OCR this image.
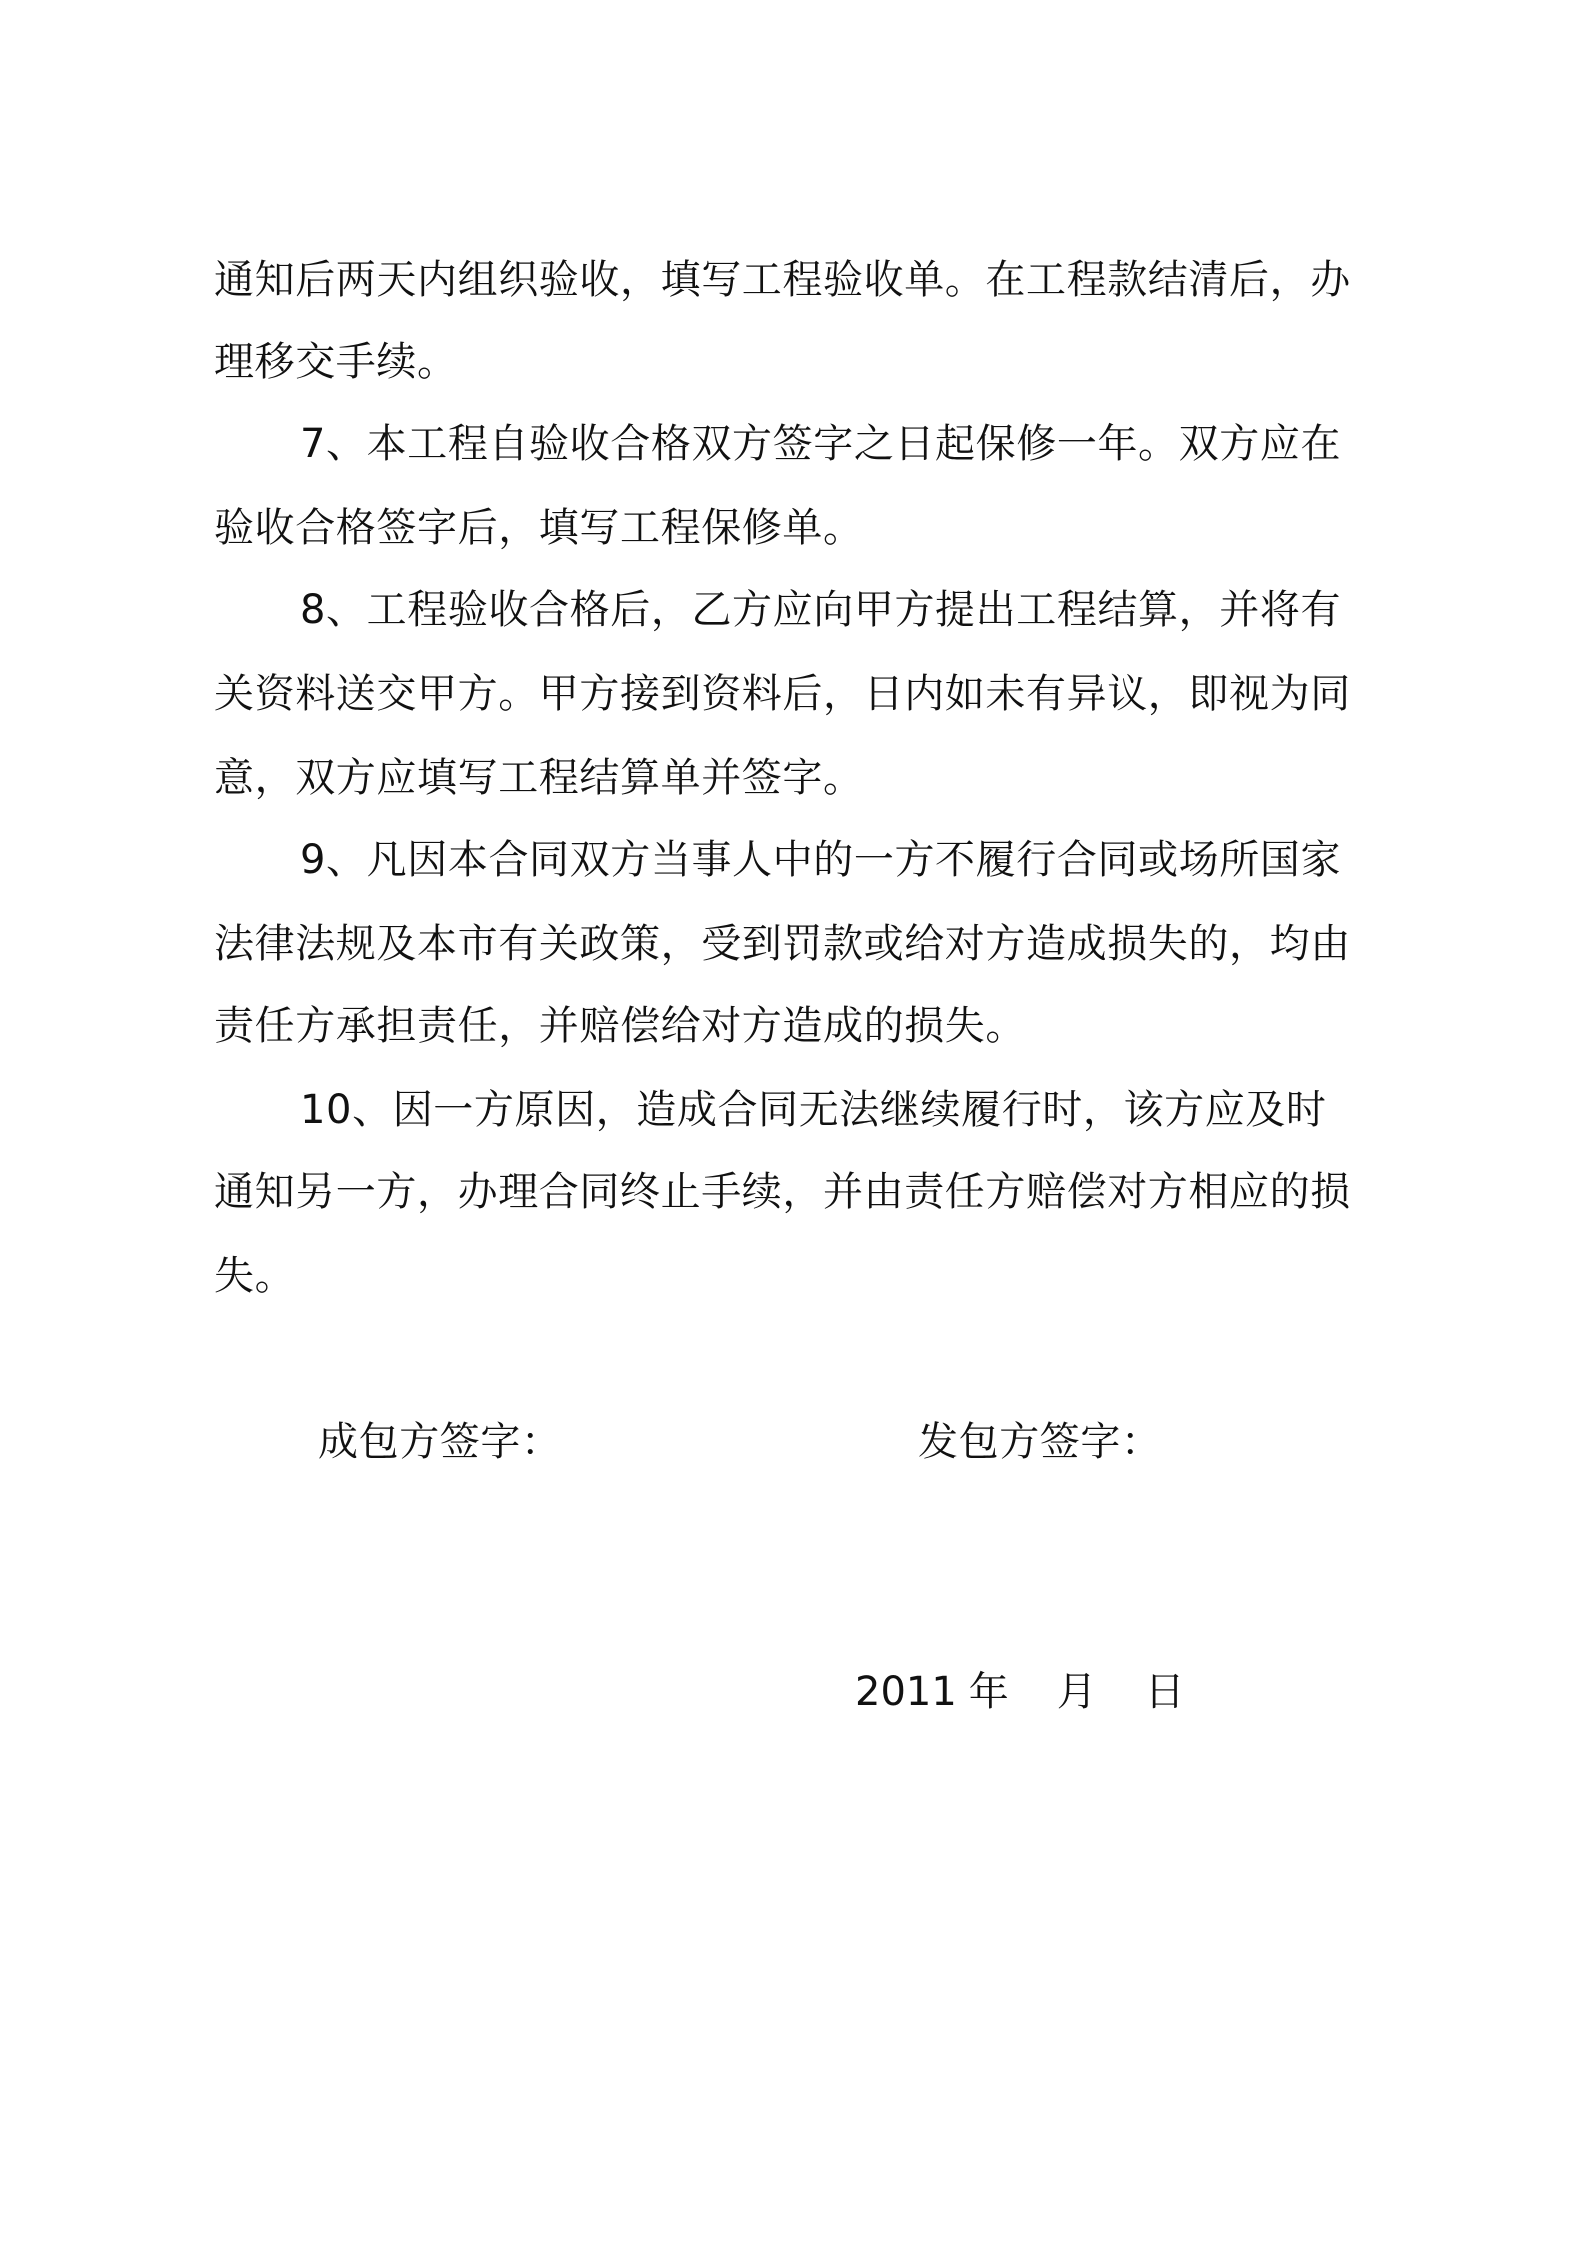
通知后两天内组织验收，填写工程验收单。在工程款结清后，办
理移交手续。
7、本工程自验收合格双方签字之日起保修一年。双方应在
验收合格签字后，填写工程保修单。
8、工程验收合格后，乙方应向甲方提出工程结算，并将有
关资料送交甲方。甲方接到资料后，日内如未有异议，即视为同
意，双方应填写工程结算单并签字。
9、凡因本合同双方当事人中的一方不履行合同或场所国家
法律法规及本市有关政策，受到罚款或给对方造成损失的，均由
责任方承担责任，并赔偿给对方造成的损失。
10、因一方原因，造成合同无法继续履行时，该方应及时
通知另一方，办理合同终止手续，并由责任方赔偿对方相应的损
失。
成包方签字：	发包方签字：
2011 年 月 日
